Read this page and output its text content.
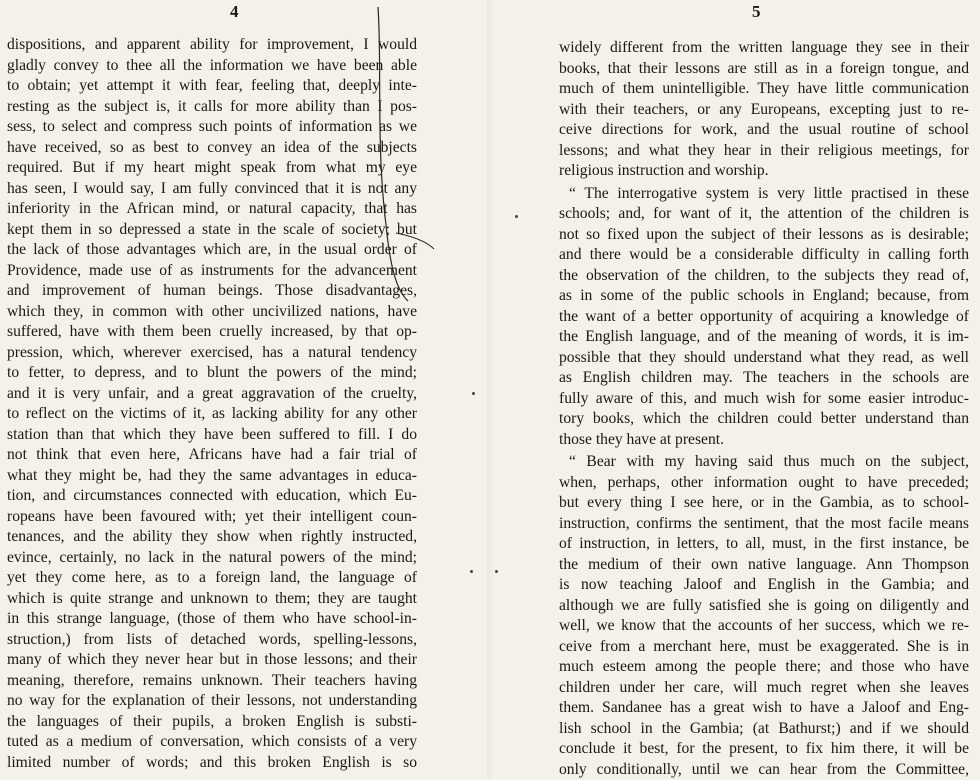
4
dispositions, and apparent ability for improvement, I would
gladly convey to thee all the information we have been able
to obtain; yet attempt it with fear, feeling that, deeply inte-
resting as the subject is, it calls for more ability than I pos-
sess, to select and compress such points of information as we
have received, so as best to convey an idea of the subjects
required. But if my heart might speak from what my eye
has seen, I would say, I am fully convinced that it is not any
inferiority in the African mind, or natural capacity, that has
kept them in so depressed a state in the scale of society; but
the lack of those advantages which are, in the usual order of
Providence, made use of as instruments for the advancement
and improvement of human beings. Those disadvantages,
which they, in common with other uncivilized nations, have
suffered, have with them been cruelly increased, by that op-
pression, which, wherever exercised, has a natural tendency
to fetter, to depress, and to blunt the powers of the mind;
and it is very unfair, and a great aggravation of the cruelty,
to reflect on the victims of it, as lacking ability for any other
station than that which they have been suffered to fill. I do
not think that even here, Africans have had a fair trial of
what they might be, had they the same advantages in educa-
tion, and circumstances connected with education, which Eu-
ropeans have been favoured with; yet their intelligent coun-
tenances, and the ability they show when rightly instructed,
evince, certainly, no lack in the natural powers of the mind;
yet they come here, as to a foreign land, the language of
which is quite strange and unknown to them; they are taught
in this strange language, (those of them who have school-in-
struction,) from lists of detached words, spelling-lessons,
many of which they never hear but in those lessons; and their
meaning, therefore, remains unknown. Their teachers having
no way for the explanation of their lessons, not understanding
the languages of their pupils, a broken English is substi-
tuted as a medium of conversation, which consists of a very
limited number of words; and this broken English is so
5
widely different from the written language they see in their
books, that their lessons are still as in a foreign tongue, and
much of them unintelligible. They have little communication
with their teachers, or any Europeans, excepting just to re-
ceive directions for work, and the usual routine of school
lessons; and what they hear in their religious meetings, for
religious instruction and worship.
“ The interrogative system is very little practised in these
schools; and, for want of it, the attention of the children is
not so fixed upon the subject of their lessons as is desirable;
and there would be a considerable difficulty in calling forth
the observation of the children, to the subjects they read of,
as in some of the public schools in England; because, from
the want of a better opportunity of acquiring a knowledge of
the English language, and of the meaning of words, it is im-
possible that they should understand what they read, as well
as English children may. The teachers in the schools are
fully aware of this, and much wish for some easier introduc-
tory books, which the children could better understand than
those they have at present.
“ Bear with my having said thus much on the subject,
when, perhaps, other information ought to have preceded;
but every thing I see here, or in the Gambia, as to school-
instruction, confirms the sentiment, that the most facile means
of instruction, in letters, to all, must, in the first instance, be
the medium of their own native language. Ann Thompson
is now teaching Jaloof and English in the Gambia; and
although we are fully satisfied she is going on diligently and
well, we know that the accounts of her success, which we re-
ceive from a merchant here, must be exaggerated. She is in
much esteem among the people there; and those who have
children under her care, will much regret when she leaves
them. Sandanee has a great wish to have a Jaloof and Eng-
lish school in the Gambia; (at Bathurst;) and if we should
conclude it best, for the present, to fix him there, it will be
only conditionally, until we can hear from the Committee,
